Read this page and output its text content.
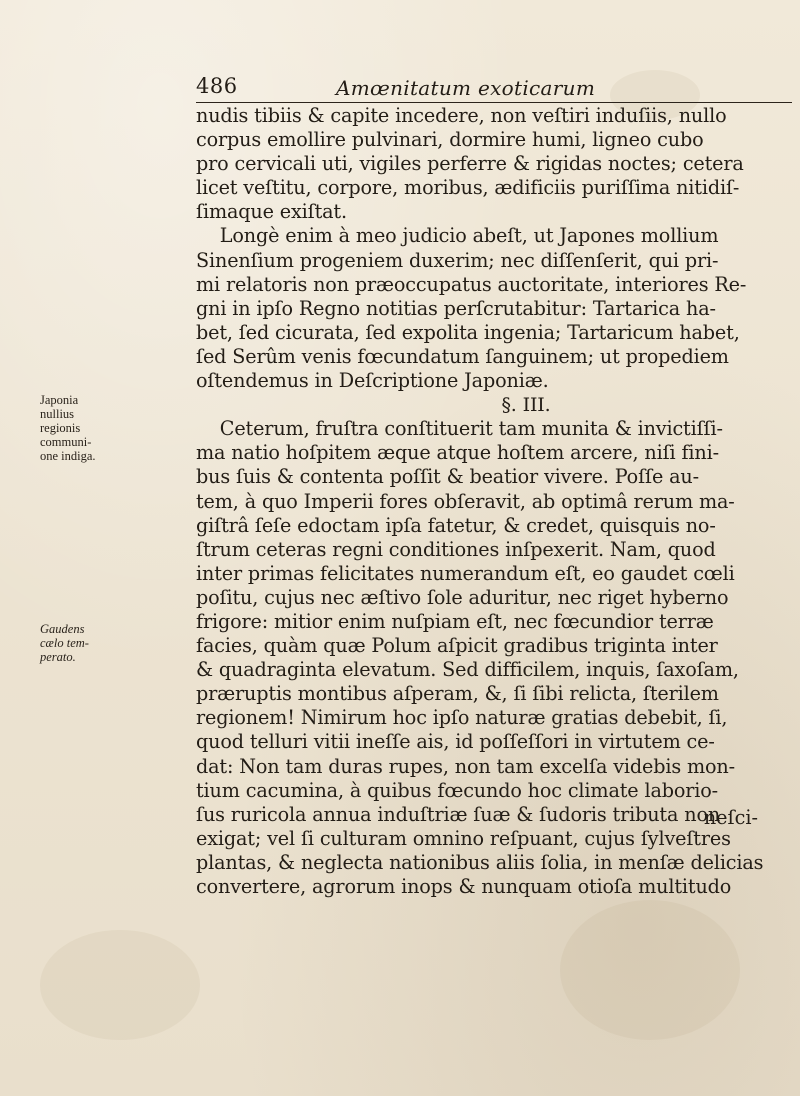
486	Amœnitatum exoticarum
Japonia
nullius
regionis
communi-
one indiga.
Gaudens
cælo tem-
perato.
nudis tibiis & capite incedere, non veſtiri induſiis, nullo
corpus emollire pulvinari, dormire humi, ligneo cubo
pro cervicali uti, vigiles perferre & rigidas noctes; cetera
licet veſtitu, corpore, moribus, ædificiis puriſſima nitidiſ-
ſimaque exiſtat.
Longè enim à meo judicio abeſt, ut Japones mollium
Sinenſium progeniem duxerim; nec diſſenſerit, qui pri-
mi relatoris non præoccupatus auctoritate, interiores Re-
gni in ipſo Regno notitias perſcrutabitur: Tartarica ha-
bet, ſed cicurata, ſed expolita ingenia; Tartaricum habet,
ſed Serûm venis fœcundatum ſanguinem; ut propediem
oſtendemus in Deſcriptione Japoniæ.
§. III.
Ceterum, fruſtra conſtituerit tam munita & invictiſſi-
ma natio hoſpitem æque atque hoſtem arcere, niſi fini-
bus ſuis & contenta poſſit & beatior vivere. Poſſe au-
tem, à quo Imperii fores obſeravit, ab optimâ rerum ma-
giſtrâ ſeſe edoctam ipſa fatetur, & credet, quisquis no-
ſtrum ceteras regni conditiones inſpexerit. Nam, quod
inter primas felicitates numerandum eſt, eo gaudet cœli
poſitu, cujus nec æſtivo ſole aduritur, nec riget hyberno
frigore: mitior enim nuſpiam eſt, nec fœcundior terræ
facies, quàm quæ Polum aſpicit gradibus triginta inter
& quadraginta elevatum. Sed difficilem, inquis, ſaxoſam,
præruptis montibus aſperam, &, ſi ſibi relicta, ſterilem
regionem! Nimirum hoc ipſo naturæ gratias debebit, ſi,
quod telluri vitii ineſſe ais, id poſſeſſori in virtutem ce-
dat: Non tam duras rupes, non tam excelſa videbis mon-
tium cacumina, à quibus fœcundo hoc climate laborio-
ſus ruricola annua induſtriæ ſuæ & ſudoris tributa non
exigat; vel ſi culturam omnino reſpuant, cujus ſylveſtres
plantas, & neglecta nationibus aliis ſolia, in menſæ delicias
convertere, agrorum inops & nunquam otioſa multitudo
neſci-
